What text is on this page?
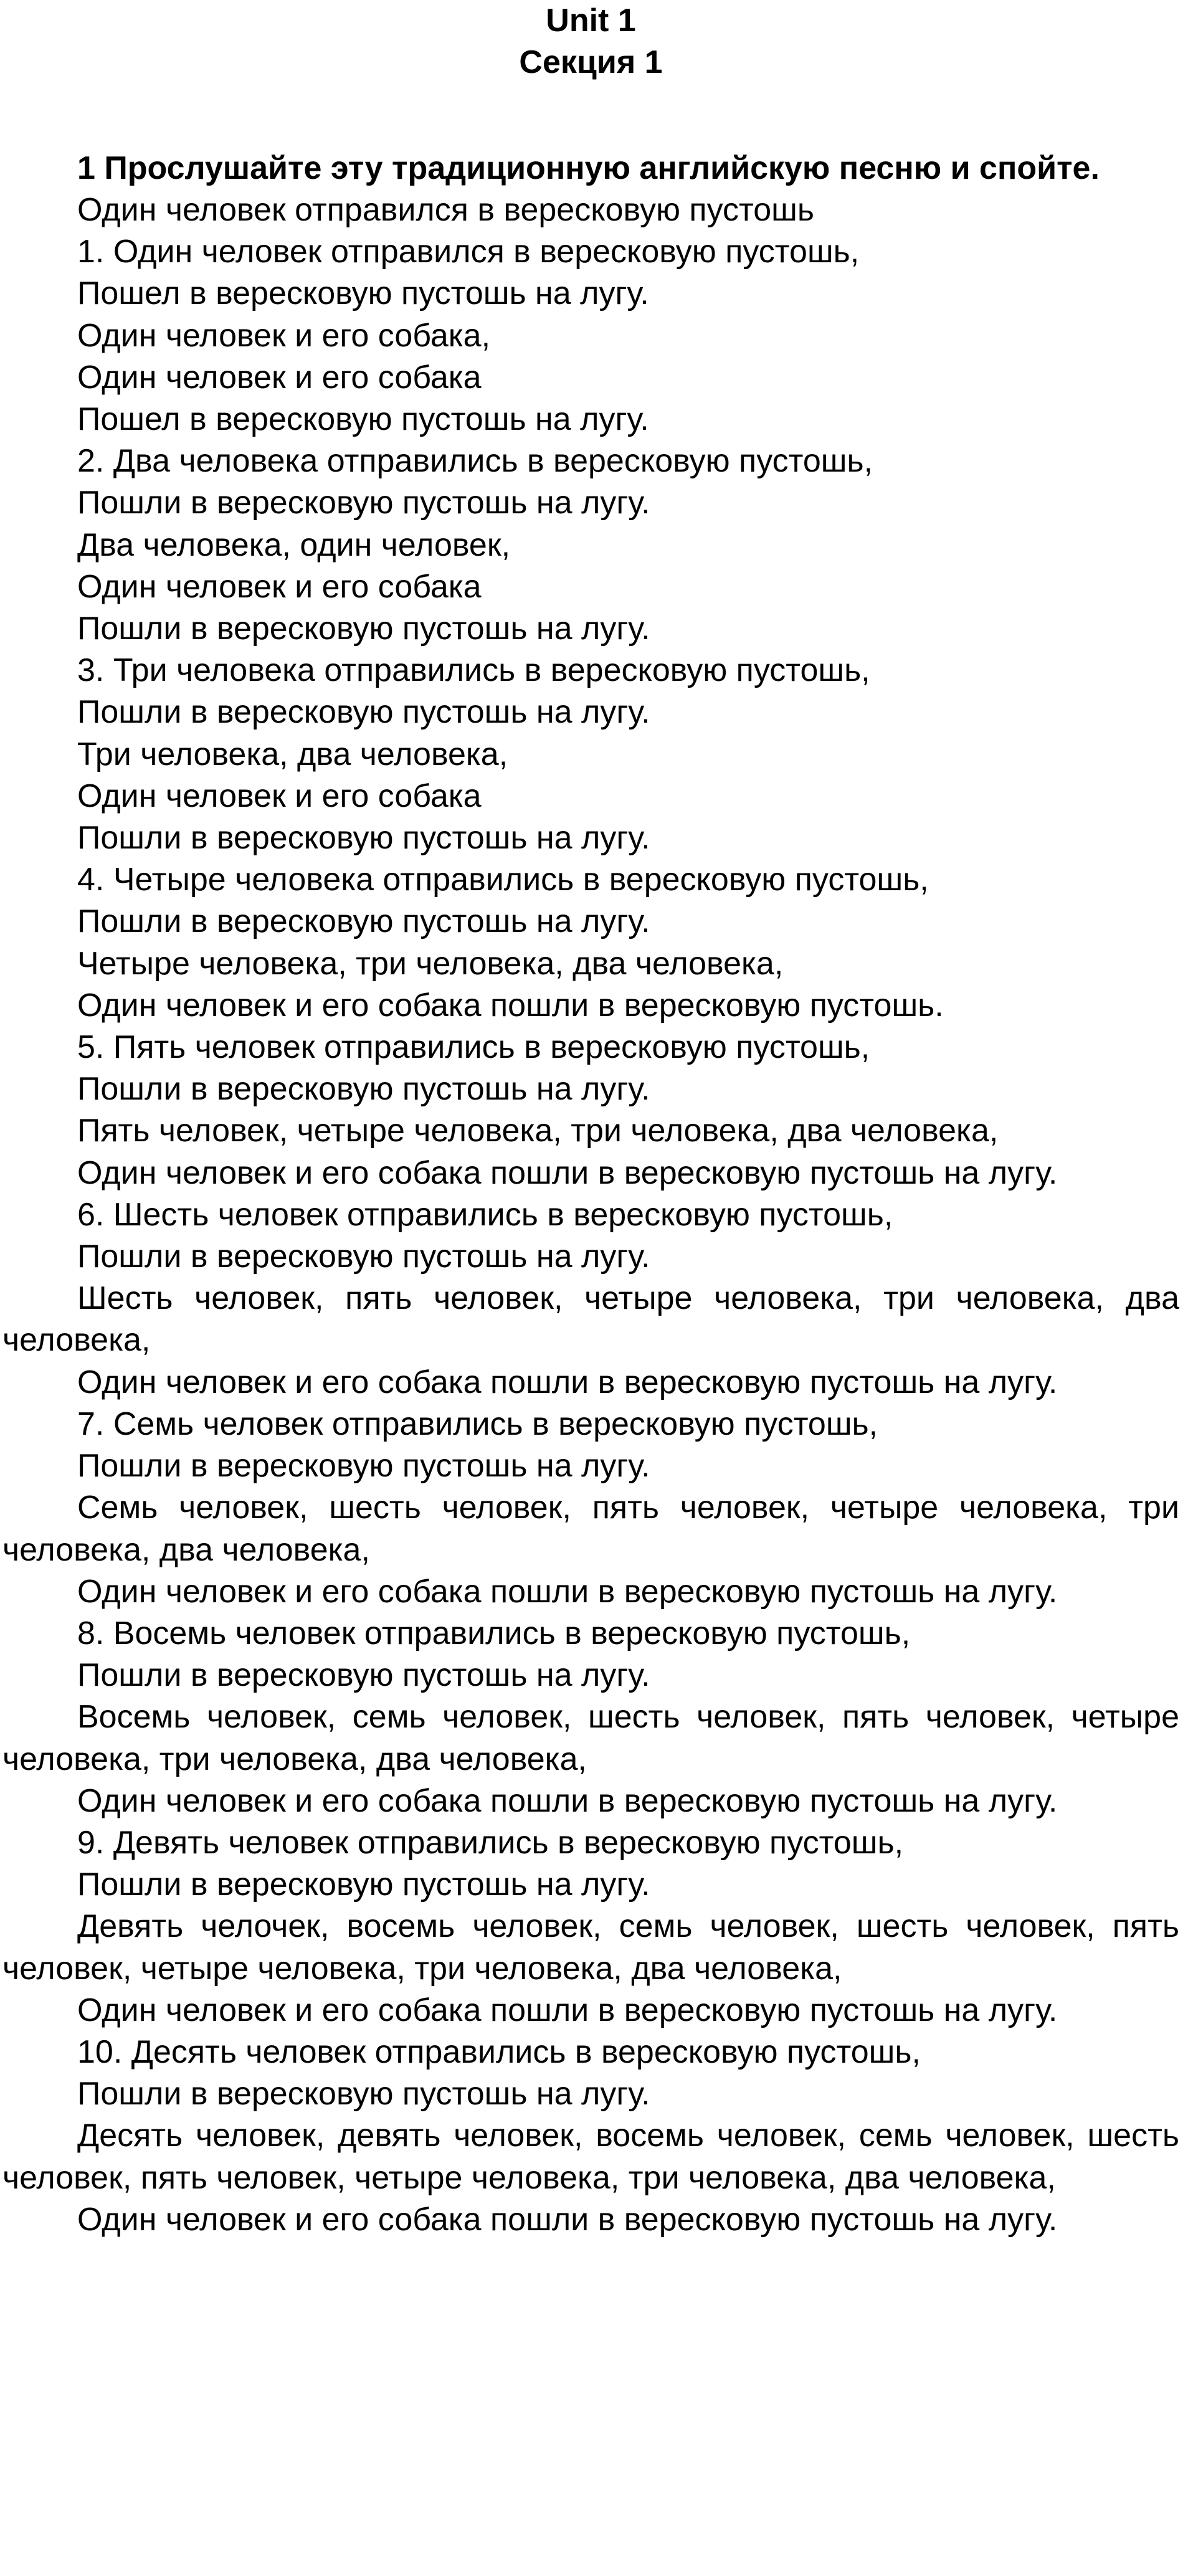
Unit 1
Секция 1
1 Прослушайте эту традиционную английскую песню и спойте.

Один человек отправился в вересковую пустошь

1. Один человек отправился в вересковую пустошь,

Пошел в вересковую пустошь на лугу.

Один человек и его собака,

Один человек и его собака

Пошел в вересковую пустошь на лугу.

2. Два человека отправились в вересковую пустошь,

Пошли в вересковую пустошь на лугу.

Два человека, один человек,

Один человек и его собака

Пошли в вересковую пустошь на лугу.

3. Три человека отправились в вересковую пустошь,

Пошли в вересковую пустошь на лугу.

Три человека, два человека,

Один человек и его собака

Пошли в вересковую пустошь на лугу.

4. Четыре человека отправились в вересковую пустошь,

Пошли в вересковую пустошь на лугу.

Четыре человека, три человека, два человека,

Один человек и его собака пошли в вересковую пустошь.

5. Пять человек отправились в вересковую пустошь,

Пошли в вересковую пустошь на лугу.

Пять человек, четыре человека, три человека, два человека,

Один человек и его собака пошли в вересковую пустошь на лугу.

6. Шесть человек отправились в вересковую пустошь,

Пошли в вересковую пустошь на лугу.

Шесть человек, пять человек, четыре человека, три человека, два человека,

Один человек и его собака пошли в вересковую пустошь на лугу.

7. Семь человек отправились в вересковую пустошь,

Пошли в вересковую пустошь на лугу.

Семь человек, шесть человек, пять человек, четыре человека, три человека, два человека,

Один человек и его собака пошли в вересковую пустошь на лугу.

8. Восемь человек отправились в вересковую пустошь,

Пошли в вересковую пустошь на лугу.

Восемь человек, семь человек, шесть человек, пять человек, четыре человека, три человека, два человека,

Один человек и его собака пошли в вересковую пустошь на лугу.

9. Девять человек отправились в вересковую пустошь,

Пошли в вересковую пустошь на лугу.

Девять челочек, восемь человек, семь человек, шесть человек, пять человек, четыре человека, три человека, два человека,

Один человек и его собака пошли в вересковую пустошь на лугу.

10. Десять человек отправились в вересковую пустошь,

Пошли в вересковую пустошь на лугу.

Десять человек, девять человек, восемь человек, семь человек, шесть человек, пять человек, четыре человека, три человека, два человека,

Один человек и его собака пошли в вересковую пустошь на лугу.
